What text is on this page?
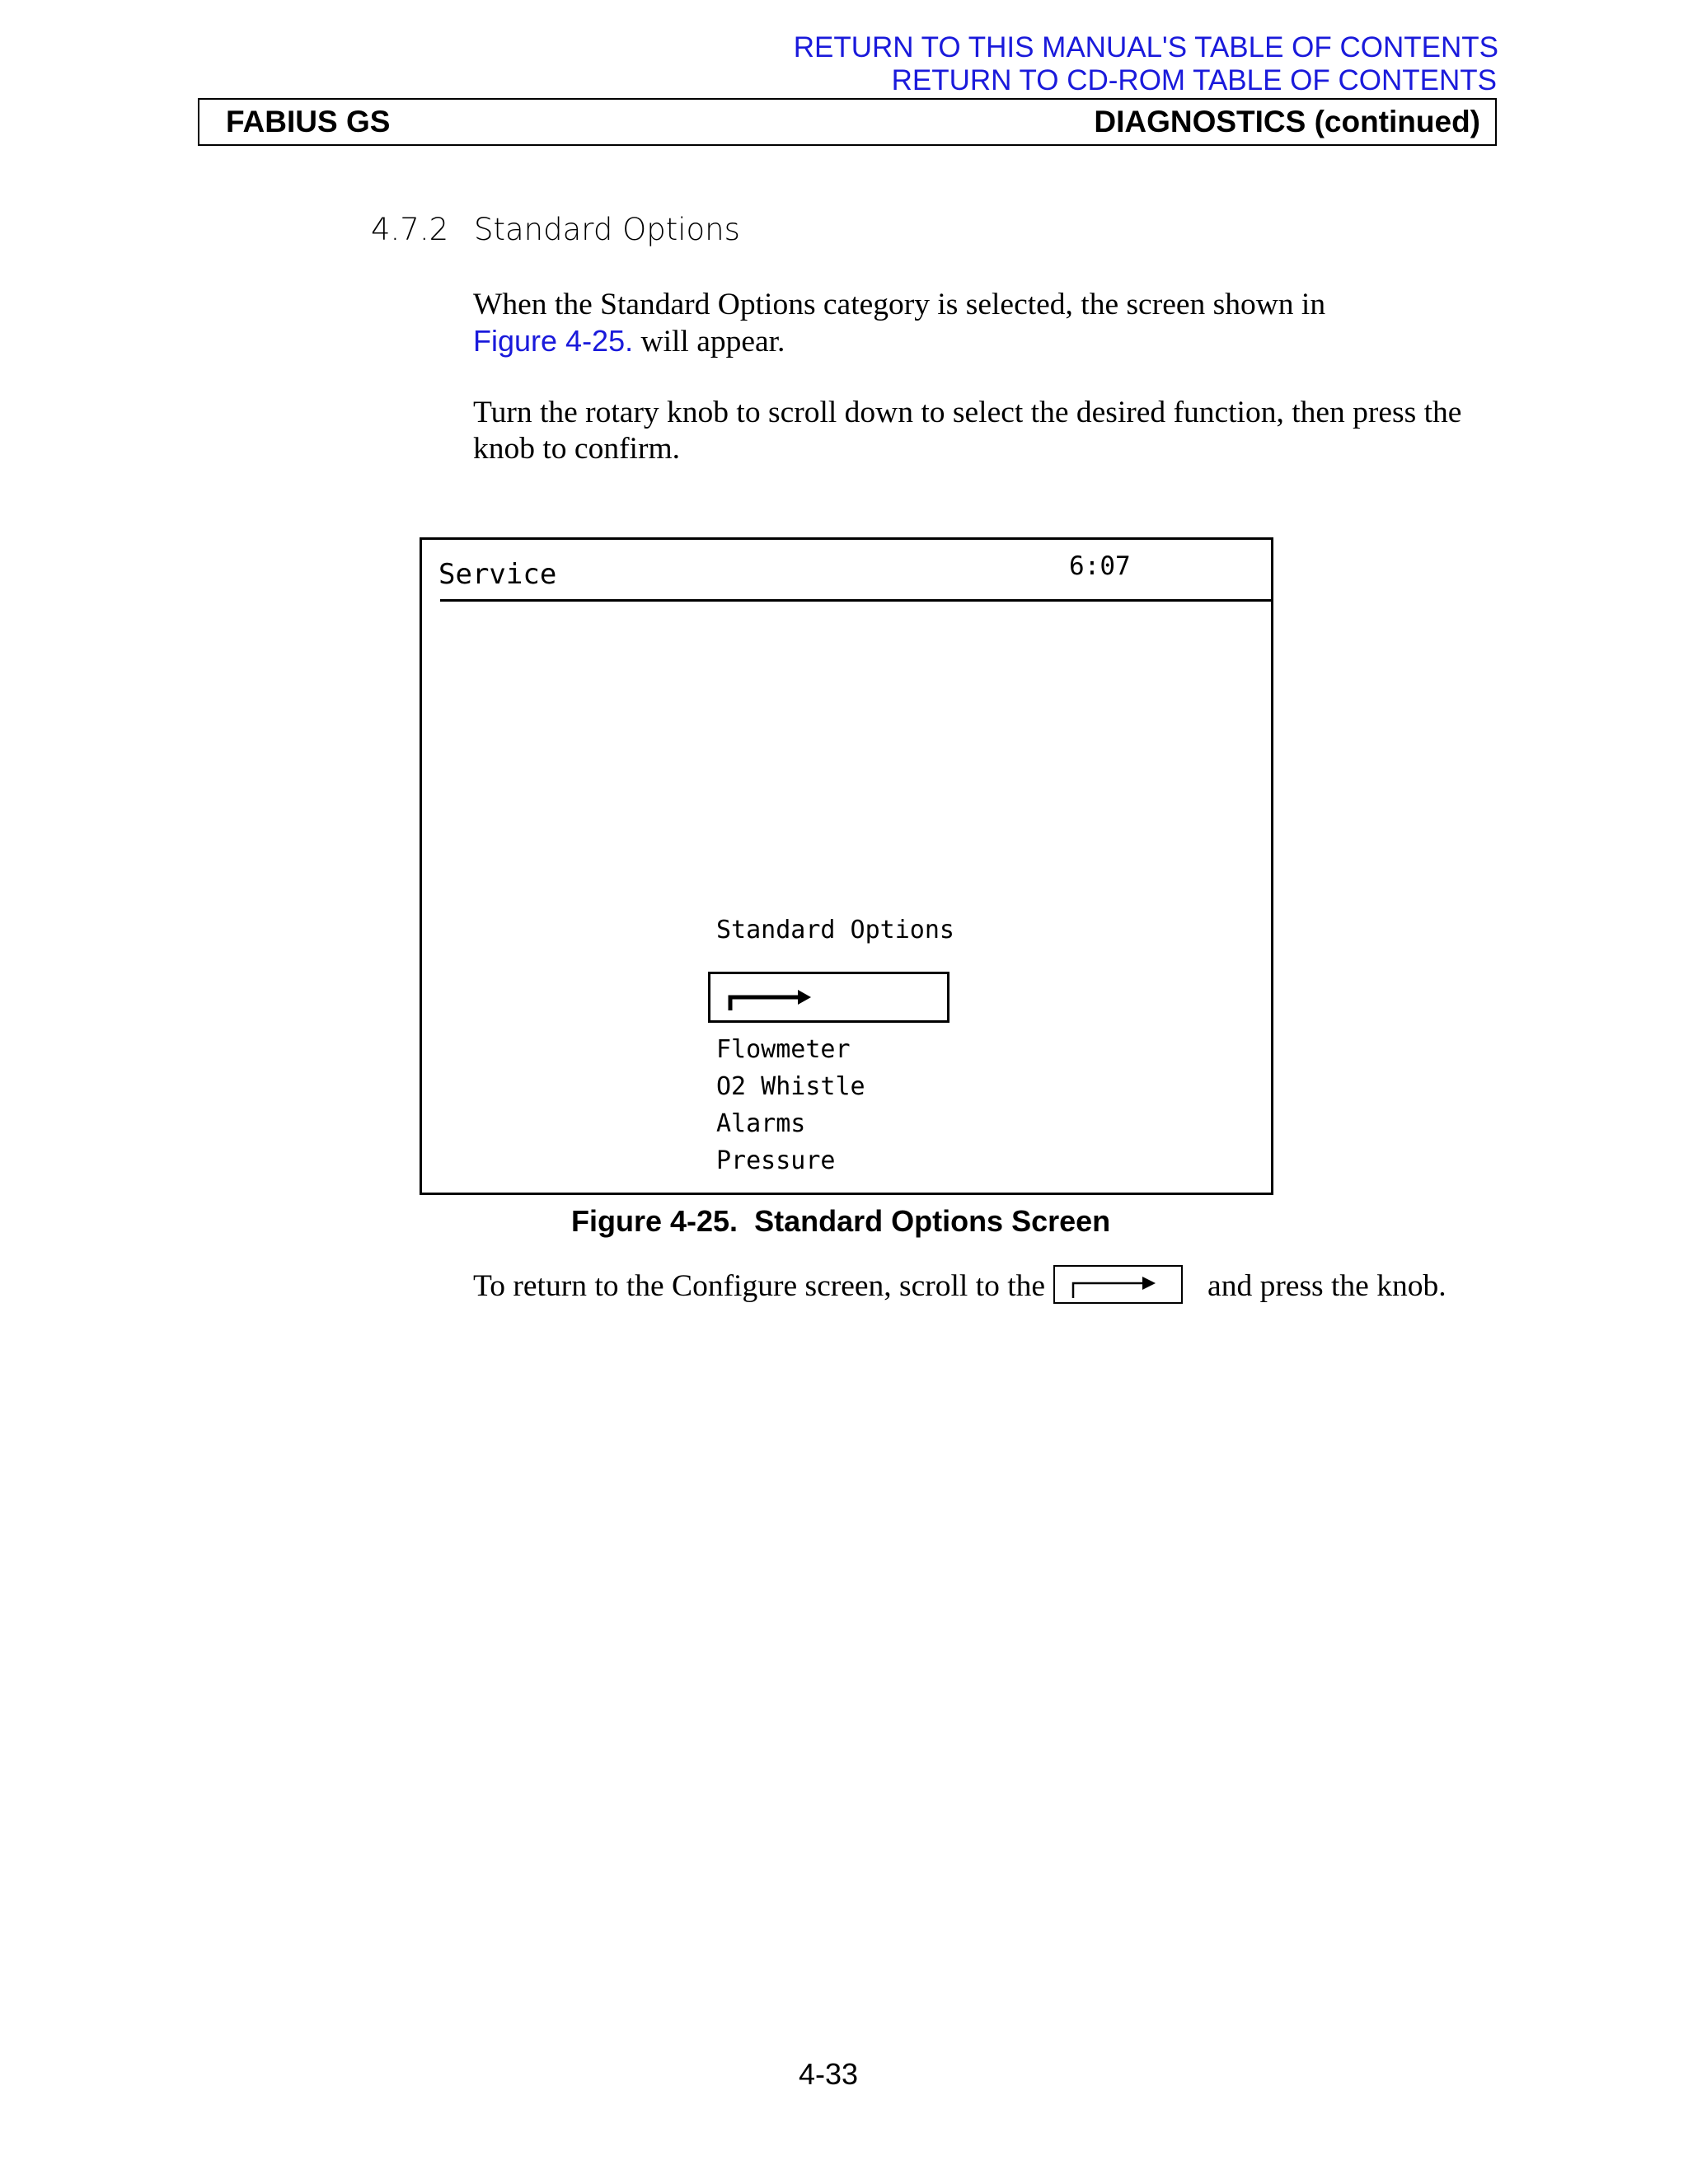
RETURN TO THIS MANUAL'S TABLE OF CONTENTS
RETURN TO CD-ROM TABLE OF CONTENTS
FABIUS GS	DIAGNOSTICS (continued)
4.7.2 Standard Options
When the Standard Options category is selected, the screen shown in
Figure 4-25. will appear.
Turn the rotary knob to scroll down to select the desired function, then press the knob to confirm.
Service	6:07
Standard Options
Flowmeter
O2 Whistle
Alarms
Pressure
Figure 4-25.  Standard Options Screen
To return to the Configure screen, scroll to the	and press the knob.
4-33
